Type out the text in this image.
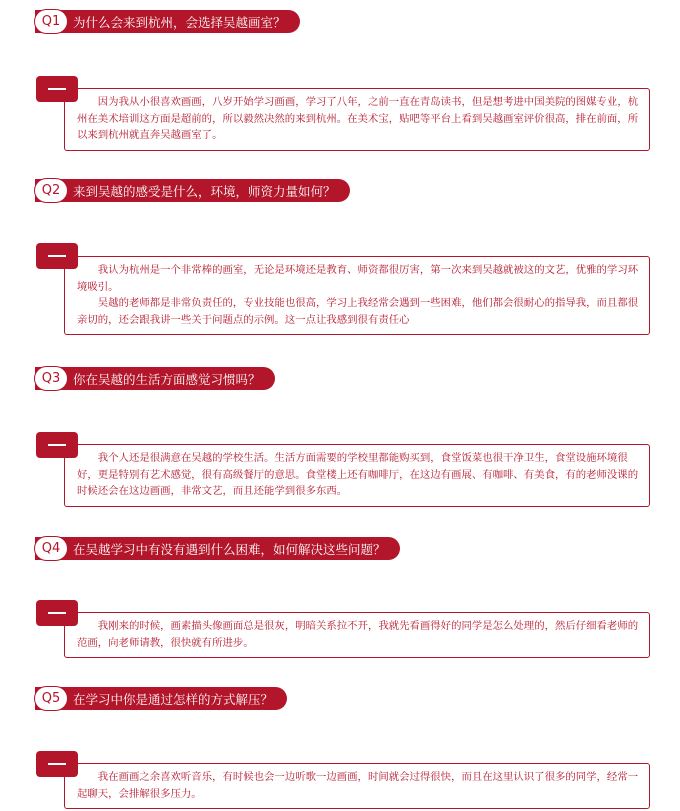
为什么会来到杭州，会选择吴越画室？
Q1

因为我从小很喜欢画画，八岁开始学习画画，学习了八年，之前一直在青岛读书，但是想考进中国美院的图媒专业，杭州在美术培训这方面是超前的，所以毅然决然的来到杭州。在美术宝，贴吧等平台上看到吴越画室评价很高，排在前面，所以来到杭州就直奔吴越画室了。

来到吴越的感受是什么，环境，师资力量如何？
Q2

我认为杭州是一个非常棒的画室，无论是环境还是教育、师资都很厉害，第一次来到吴越就被这的文艺，优雅的学习环境吸引。

吴越的老师都是非常负责任的，专业技能也很高，学习上我经常会遇到一些困难，他们都会很耐心的指导我，而且都很亲切的，还会跟我讲一些关于问题点的示例。这一点让我感到很有责任心

你在吴越的生活方面感觉习惯吗？
Q3

我个人还是很满意在吴越的学校生活。生活方面需要的学校里都能购买到，食堂饭菜也很干净卫生，食堂设施环境很好，更是特别有艺术感觉，很有高级餐厅的意思。食堂楼上还有咖啡厅，在这边有画展、有咖啡、有美食，有的老师没课的时候还会在这边画画，非常文艺，而且还能学到很多东西。

在吴越学习中有没有遇到什么困难，如何解决这些问题？
Q4

我刚来的时候，画素描头像画面总是很灰，明暗关系拉不开，我就先看画得好的同学是怎么处理的，然后仔细看老师的范画，向老师请教，很快就有所进步。

在学习中你是通过怎样的方式解压？
Q5

我在画画之余喜欢听音乐，有时候也会一边听歌一边画画，时间就会过得很快，而且在这里认识了很多的同学，经常一起聊天，会排解很多压力。
